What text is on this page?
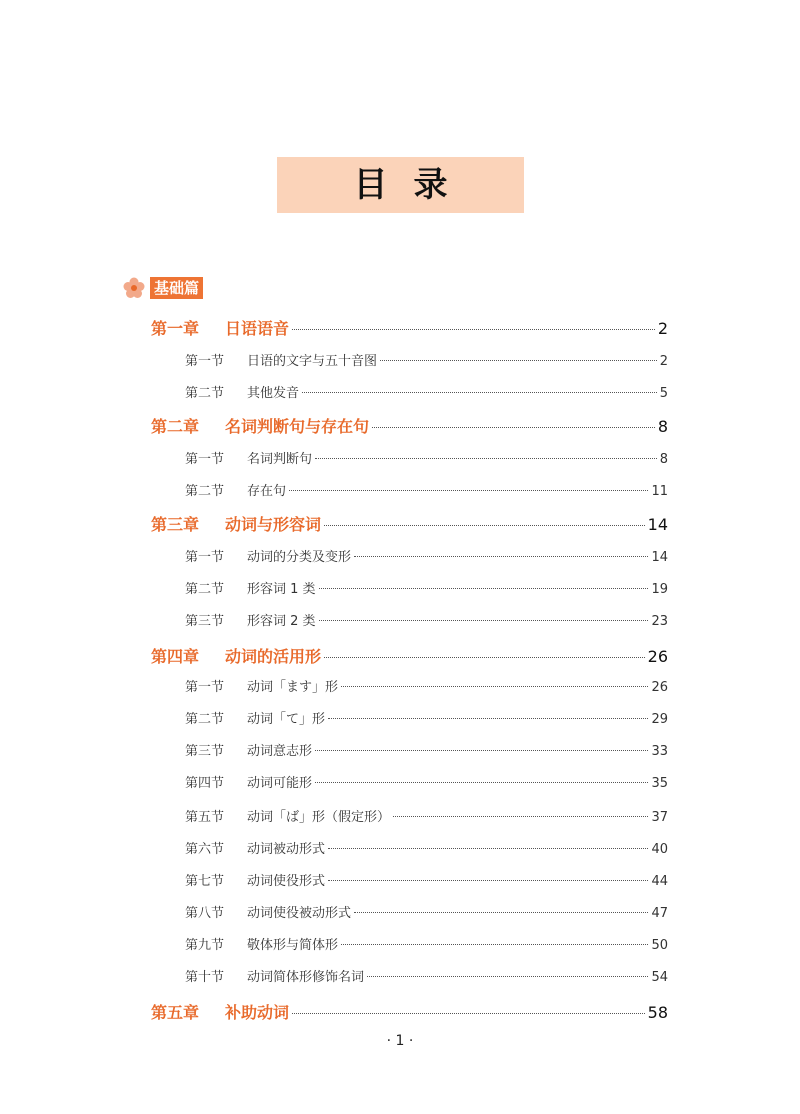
目录
基础篇
第一章	日语语音	2
第一节	日语的文字与五十音图	2
第二节	其他发音	5
第二章	名词判断句与存在句	8
第一节	名词判断句	8
第二节	存在句	11
第三章	动词与形容词	14
第一节	动词的分类及变形	14
第二节	形容词 1 类	19
第三节	形容词 2 类	23
第四章	动词的活用形	26
第一节	动词「ます」形	26
第二节	动词「て」形	29
第三节	动词意志形	33
第四节	动词可能形	35
第五节	动词「ば」形（假定形）	37
第六节	动词被动形式	40
第七节	动词使役形式	44
第八节	动词使役被动形式	47
第九节	敬体形与简体形	50
第十节	动词简体形修饰名词	54
第五章	补助动词	58
· 1 ·
